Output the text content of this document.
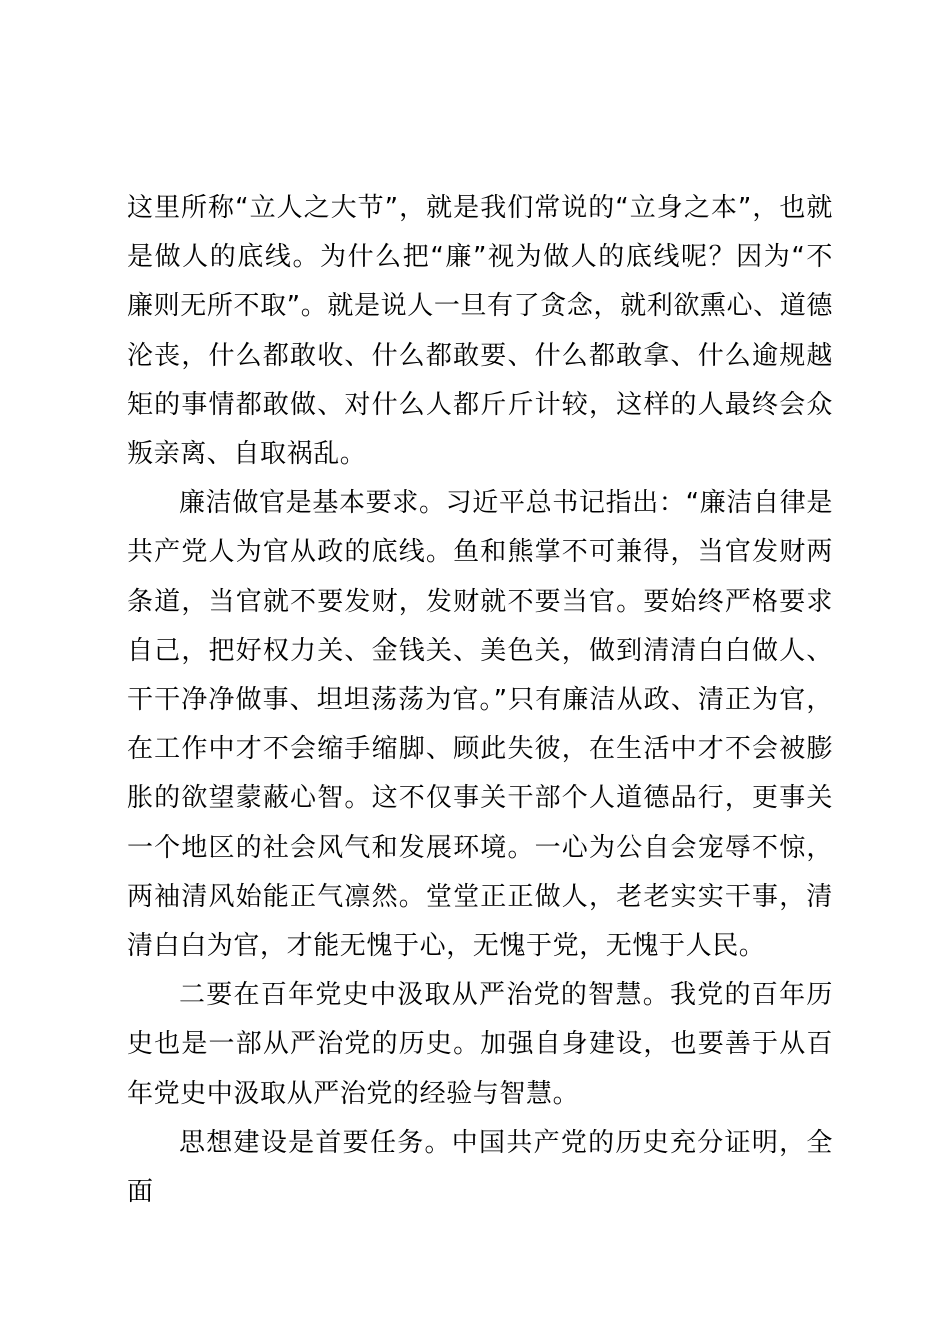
这里所称“立人之大节”，就是我们常说的“立身之本”，也就是做人的底线。为什么把“廉”视为做人的底线呢？因为“不廉则无所不取”。就是说人一旦有了贪念，就利欲熏心、道德沦丧，什么都敢收、什么都敢要、什么都敢拿、什么逾规越矩的事情都敢做、对什么人都斤斤计较，这样的人最终会众叛亲离、自取祸乱。

廉洁做官是基本要求。习近平总书记指出：“廉洁自律是共产党人为官从政的底线。鱼和熊掌不可兼得，当官发财两条道，当官就不要发财，发财就不要当官。要始终严格要求自己，把好权力关、金钱关、美色关，做到清清白白做人、干干净净做事、坦坦荡荡为官。”只有廉洁从政、清正为官，在工作中才不会缩手缩脚、顾此失彼，在生活中才不会被膨胀的欲望蒙蔽心智。这不仅事关干部个人道德品行，更事关一个地区的社会风气和发展环境。一心为公自会宠辱不惊，两袖清风始能正气凛然。堂堂正正做人，老老实实干事，清清白白为官，才能无愧于心，无愧于党，无愧于人民。

二要在百年党史中汲取从严治党的智慧。我党的百年历史也是一部从严治党的历史。加强自身建设，也要善于从百年党史中汲取从严治党的经验与智慧。

思想建设是首要任务。中国共产党的历史充分证明，全面
